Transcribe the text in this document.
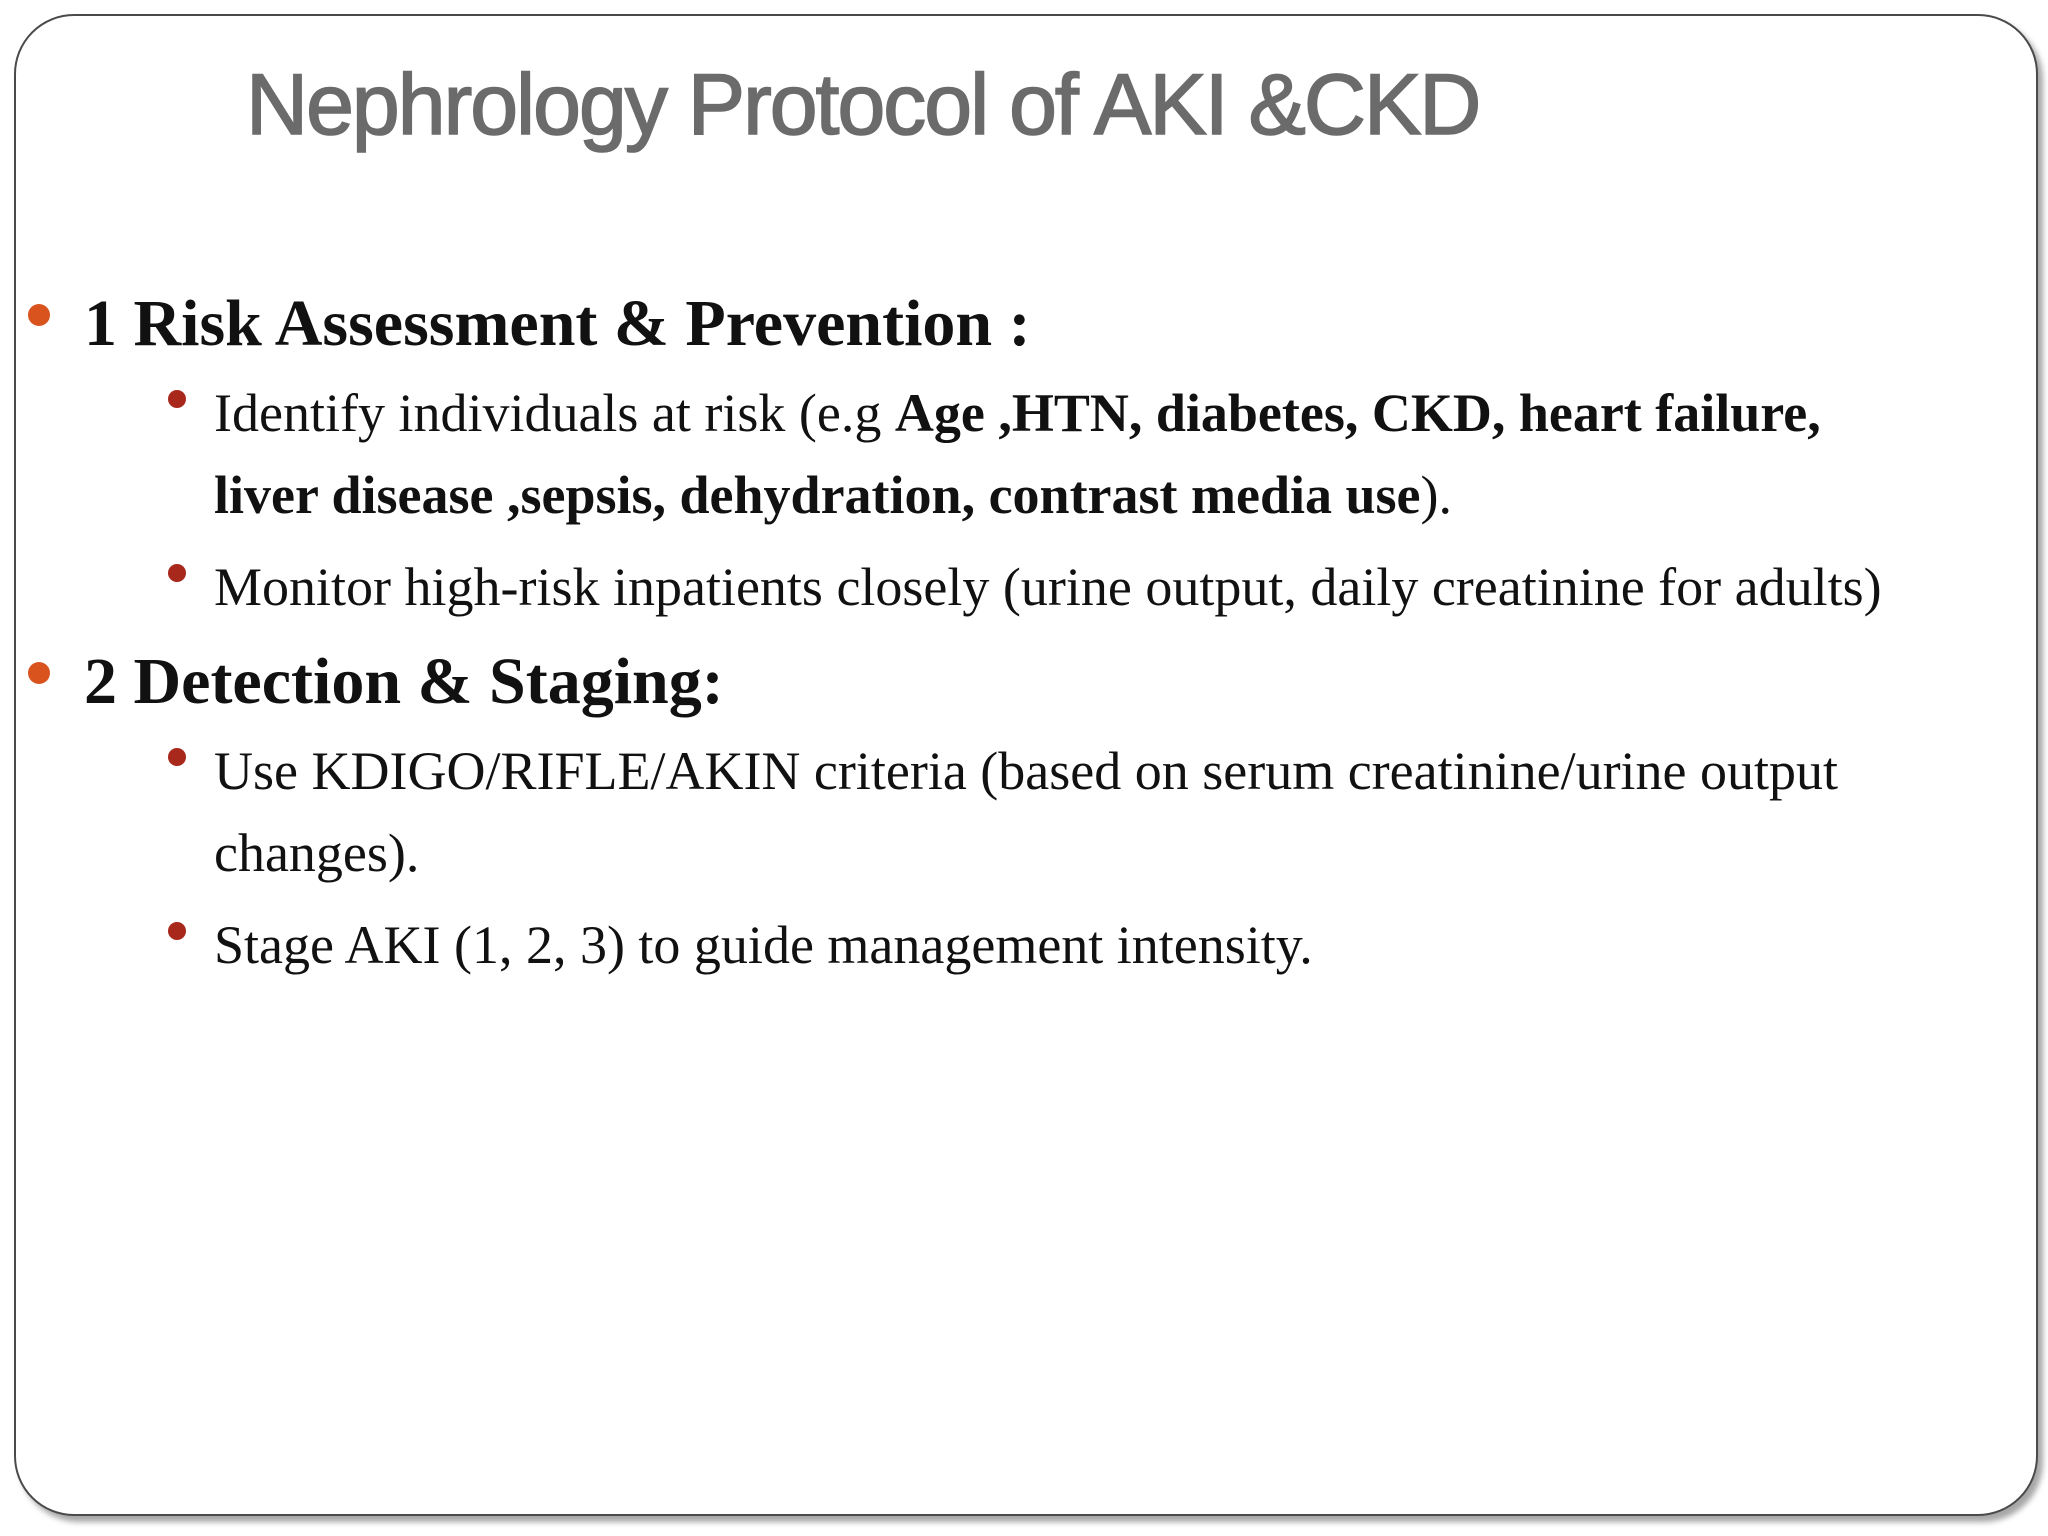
Nephrology Protocol of AKI &CKD
1 Risk Assessment & Prevention :
Identify individuals at risk (e.g Age ,HTN, diabetes, CKD, heart failure,
liver disease ,sepsis, dehydration, contrast media use).
Monitor high-risk inpatients closely (urine output, daily creatinine for adults)
2 Detection & Staging:
Use KDIGO/RIFLE/AKIN criteria (based on serum creatinine/urine output
changes).
Stage AKI (1, 2, 3) to guide management intensity.
